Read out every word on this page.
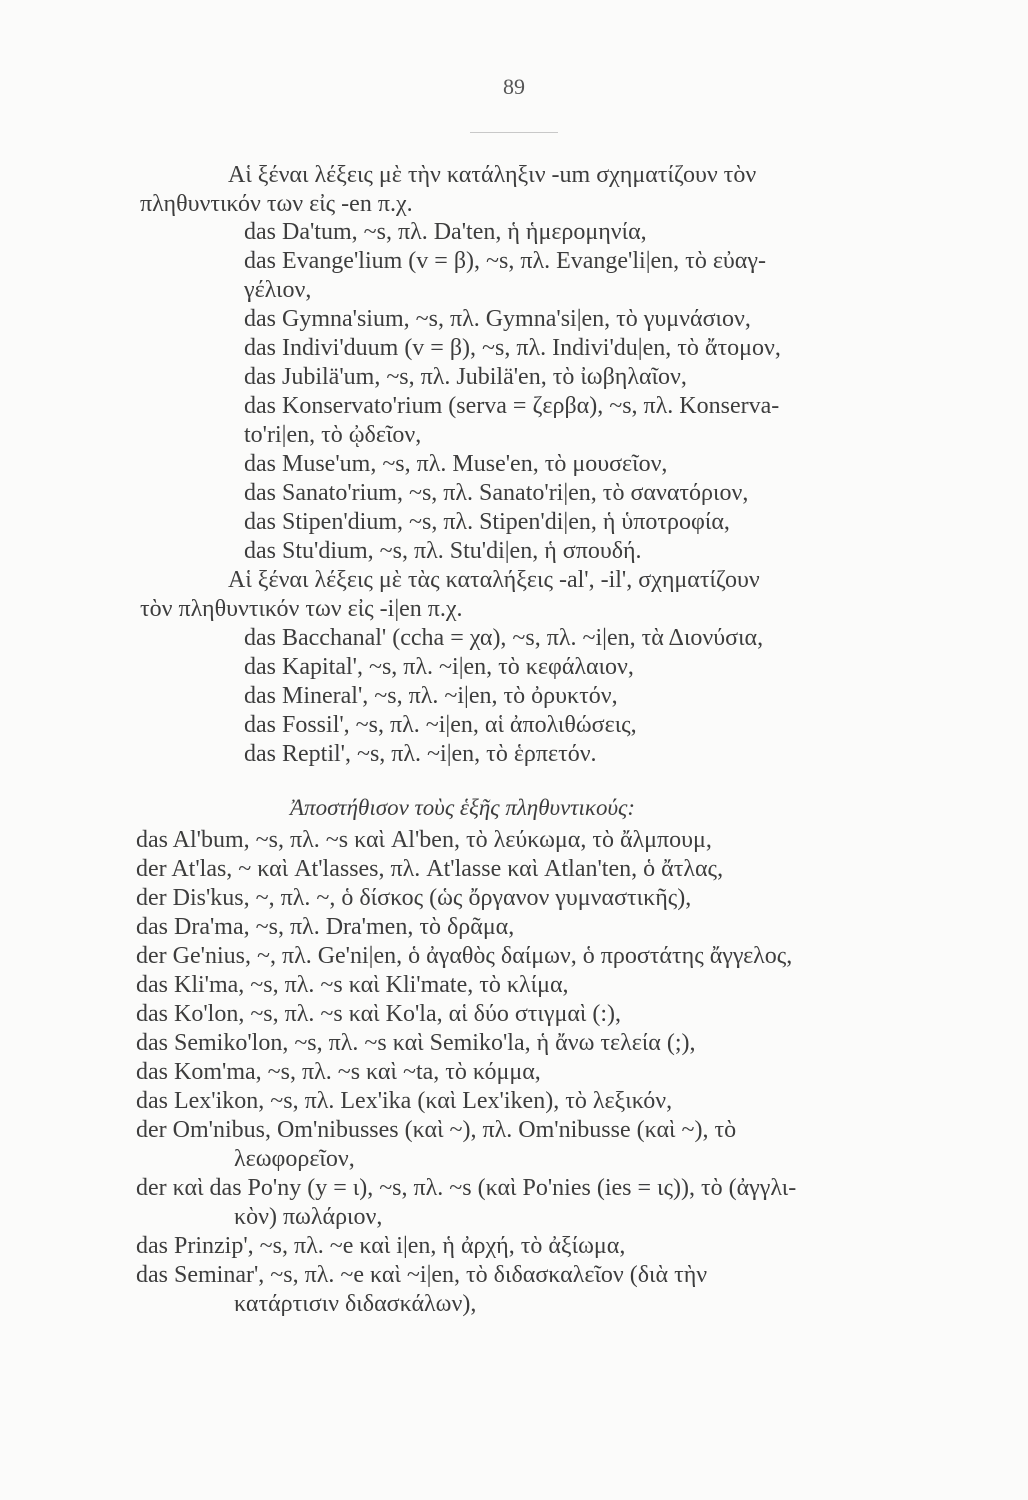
89
Αἱ ξέναι λέξεις μὲ τὴν κατάληξιν -um σχηματίζουν τὸν
πληθυντικόν των εἰς -en π.χ.
das Da'tum, ~s, πλ. Da'ten, ἡ ἡμερομηνία,
das Evange'lium (v = β), ~s, πλ. Evange'li|en, τὸ εὐαγ-
γέλιον,
das Gymna'sium, ~s, πλ. Gymna'si|en, τὸ γυμνάσιον,
das Indivi'duum (v = β), ~s, πλ. Indivi'du|en, τὸ ἄτομον,
das Jubilä'um, ~s, πλ. Jubilä'en, τὸ ἰωβηλαῖον,
das Konservato'rium (serva = ζερβα), ~s, πλ. Konserva-
to'ri|en, τὸ ᾠδεῖον,
das Muse'um, ~s, πλ. Muse'en, τὸ μουσεῖον,
das Sanato'rium, ~s, πλ. Sanato'ri|en, τὸ σανατόριον,
das Stipen'dium, ~s, πλ. Stipen'di|en, ἡ ὑποτροφία,
das Stu'dium, ~s, πλ. Stu'di|en, ἡ σπουδή.
Αἱ ξέναι λέξεις μὲ τὰς καταλήξεις -al', -il', σχηματίζουν
τὸν πληθυντικόν των εἰς -i|en π.χ.
das Bacchanal' (ccha = χα), ~s, πλ. ~i|en, τὰ Διονύσια,
das Kapital', ~s, πλ. ~i|en, τὸ κεφάλαιον,
das Mineral', ~s, πλ. ~i|en, τὸ ὀρυκτόν,
das Fossil', ~s, πλ. ~i|en, αἱ ἀπολιθώσεις,
das Reptil', ~s, πλ. ~i|en, τὸ ἑρπετόν.
Ἀποστήθισον τοὺς ἑξῆς πληθυντικούς:
das Al'bum, ~s, πλ. ~s καὶ Al'ben, τὸ λεύκωμα, τὸ ἄλμπουμ,
der At'las, ~ καὶ At'lasses, πλ. At'lasse καὶ Atlan'ten, ὁ ἄτλας,
der Dis'kus, ~, πλ. ~, ὁ δίσκος (ὡς ὄργανον γυμναστικῆς),
das Dra'ma, ~s, πλ. Dra'men, τὸ δρᾶμα,
der Ge'nius, ~, πλ. Ge'ni|en, ὁ ἀγαθὸς δαίμων, ὁ προστάτης ἄγγελος,
das Kli'ma, ~s, πλ. ~s καὶ Kli'mate, τὸ κλίμα,
das Ko'lon, ~s, πλ. ~s καὶ Ko'la, αἱ δύο στιγμαὶ (:),
das Semiko'lon, ~s, πλ. ~s καὶ Semiko'la, ἡ ἄνω τελεία (;),
das Kom'ma, ~s, πλ. ~s καὶ ~ta, τὸ κόμμα,
das Lex'ikon, ~s, πλ. Lex'ika (καὶ Lex'iken), τὸ λεξικόν,
der Om'nibus, Om'nibusses (καὶ ~), πλ. Om'nibusse (καὶ ~), τὸ
λεωφορεῖον,
der καὶ das Po'ny (y = ι), ~s, πλ. ~s (καὶ Po'nies (ies = ις)), τὸ (ἀγγλι-
κὸν) πωλάριον,
das Prinzip', ~s, πλ. ~e καὶ i|en, ἡ ἀρχή, τὸ ἀξίωμα,
das Seminar', ~s, πλ. ~e καὶ ~i|en, τὸ διδασκαλεῖον (διὰ τὴν
κατάρτισιν διδασκάλων),
